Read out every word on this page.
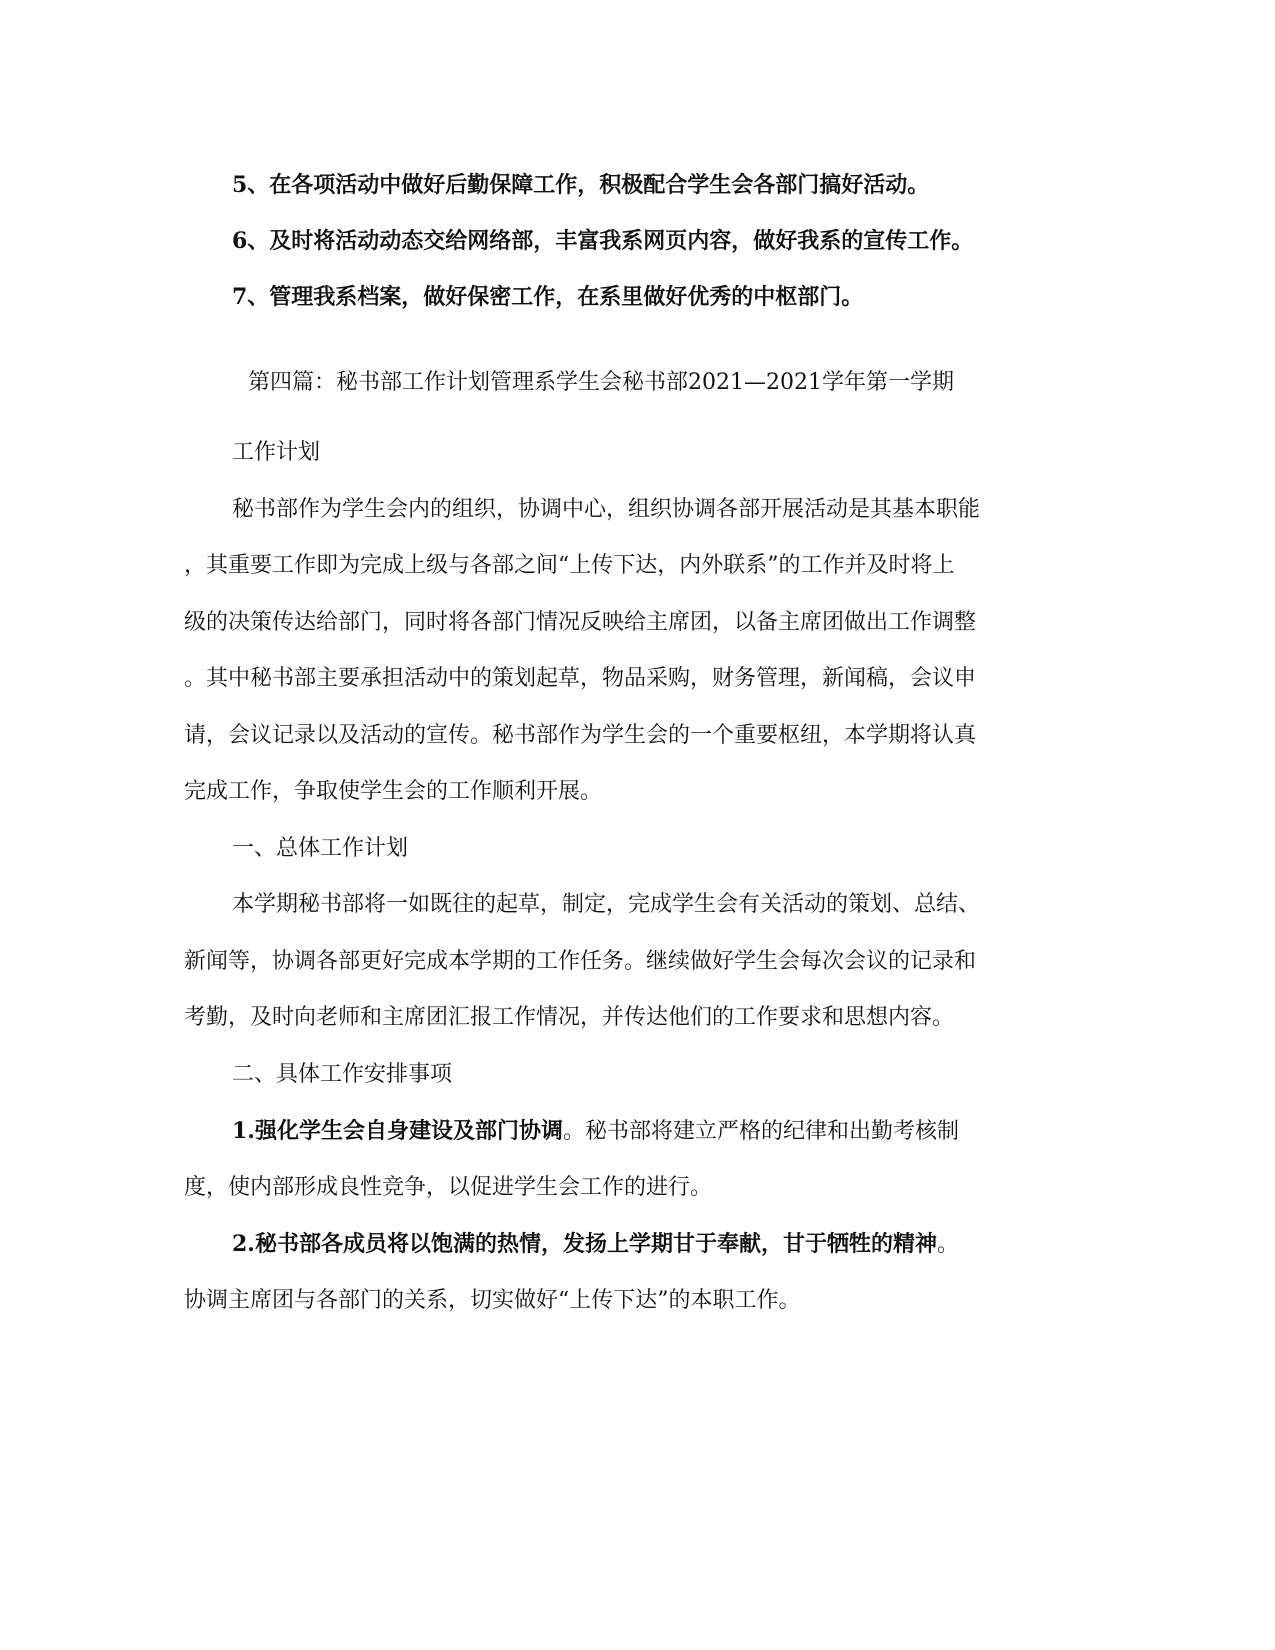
5、在各项活动中做好后勤保障工作，积极配合学生会各部门搞好活动。
6、及时将活动动态交给网络部，丰富我系网页内容，做好我系的宣传工作。
7、管理我系档案，做好保密工作，在系里做好优秀的中枢部门。
第四篇：秘书部工作计划管理系学生会秘书部2021—2021学年第一学期
工作计划
秘书部作为学生会内的组织，协调中心，组织协调各部开展活动是其基本职能
，其重要工作即为完成上级与各部之间“上传下达，内外联系”的工作并及时将上
级的决策传达给部门，同时将各部门情况反映给主席团，以备主席团做出工作调整
。其中秘书部主要承担活动中的策划起草，物品采购，财务管理，新闻稿，会议申
请，会议记录以及活动的宣传。秘书部作为学生会的一个重要枢纽，本学期将认真
完成工作，争取使学生会的工作顺利开展。
一、总体工作计划
本学期秘书部将一如既往的起草，制定，完成学生会有关活动的策划、总结、
新闻等，协调各部更好完成本学期的工作任务。继续做好学生会每次会议的记录和
考勤，及时向老师和主席团汇报工作情况，并传达他们的工作要求和思想内容。
二、具体工作安排事项
1.强化学生会自身建设及部门协调。秘书部将建立严格的纪律和出勤考核制
度，使内部形成良性竞争，以促进学生会工作的进行。
2.秘书部各成员将以饱满的热情，发扬上学期甘于奉献，甘于牺牲的精神。
协调主席团与各部门的关系，切实做好“上传下达”的本职工作。
